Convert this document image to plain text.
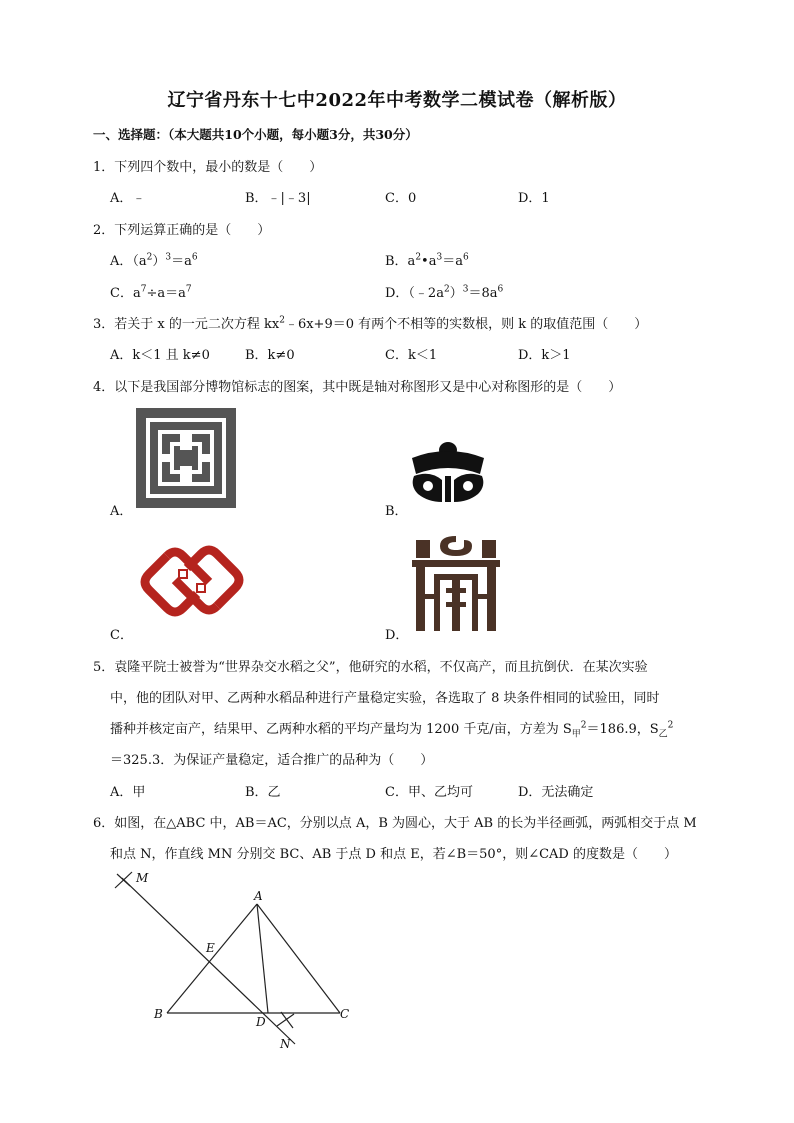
辽宁省丹东十七中2022年中考数学二模试卷（解析版）
一、选择题：（本大题共10个小题，每小题3分，共30分）
1．下列四个数中，最小的数是（　　）
A．﹣	B．﹣|﹣3|	C．0	D．1
2．下列运算正确的是（　　）
A．$(a^2)^3=a^6$	B．$a^2•a^3=a^6$
C．$a^7\div a=a^7$	D．$(﹣2a^2)^3=8a^6$
3．若关于 x 的一元二次方程 $kx^2﹣6x+9=0$ 有两个不相等的实数根，则 k 的取值范围（　　）
A．k＜1 且 k≠0	B．k≠0	C．k＜1	D．k＞1
4．以下是我国部分博物馆标志的图案，其中既是轴对称图形又是中心对称图形的是（　　）
A．	B．
C．	D．
5．袁隆平院士被誉为“世界杂交水稻之父”，他研究的水稻，不仅高产，而且抗倒伏．在某次实验
中，他的团队对甲、乙两种水稻品种进行产量稳定实验，各选取了 8 块条件相同的试验田，同时
播种并核定亩产，结果甲、乙两种水稻的平均产量均为 1200 千克/亩，方差为 $S_甲^2=186.9$，$S_乙^2$
＝325.3．为保证产量稳定，适合推广的品种为（　　）
A．甲	B．乙	C．甲、乙均可	D．无法确定
6．如图，在△ABC 中，AB＝AC，分别以点 A，B 为圆心，大于 AB 的长为半径画弧，两弧相交于点 M
和点 N，作直线 MN 分别交 BC、AB 于点 D 和点 E，若∠B＝50°，则∠CAD 的度数是（　　）
M
A
E
B
D
C
N
